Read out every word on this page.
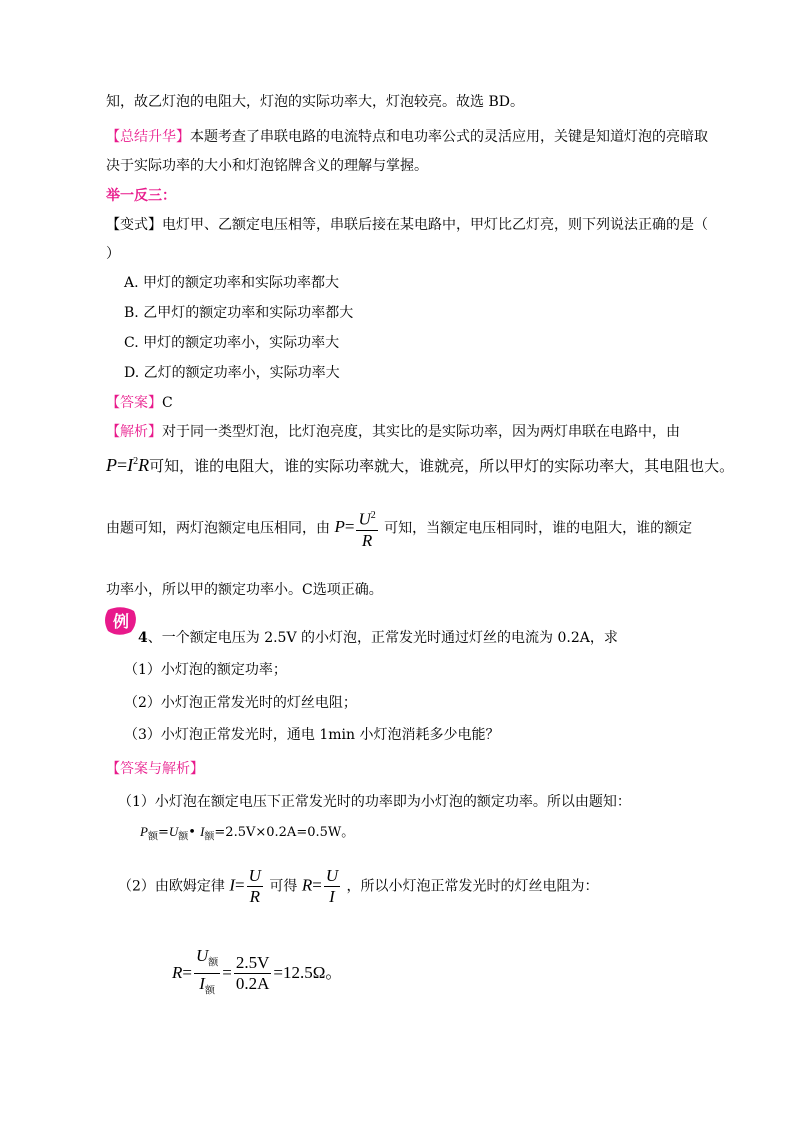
知，故乙灯泡的电阻大，灯泡的实际功率大，灯泡较亮。故选 BD。
【总结升华】本题考查了串联电路的电流特点和电功率公式的灵活应用，关键是知道灯泡的亮暗取
决于实际功率的大小和灯泡铭牌含义的理解与掌握。
举一反三：
【变式】电灯甲、乙额定电压相等，串联后接在某电路中，甲灯比乙灯亮，则下列说法正确的是（
）
A. 甲灯的额定功率和实际功率都大
B. 乙甲灯的额定功率和实际功率都大
C. 甲灯的额定功率小，实际功率大
D. 乙灯的额定功率小，实际功率大
【答案】C
【解析】对于同一类型灯泡，比灯泡亮度，其实比的是实际功率，因为两灯串联在电路中，由
$P=I^2R$可知，谁的电阻大，谁的实际功率就大，谁就亮，所以甲灯的实际功率大，其电阻也大。
由题可知，两灯泡额定电压相同，由 $P= \frac{U^2}{R}$ 可知，当额定电压相同时，谁的电阻大，谁的额定
功率小，所以甲的额定功率小。C选项正确。
例
4、一个额定电压为 2.5V 的小灯泡，正常发光时通过灯丝的电流为 0.2A，求
（1）小灯泡的额定功率；
（2）小灯泡正常发光时的灯丝电阻；
（3）小灯泡正常发光时，通电 1min 小灯泡消耗多少电能？
【答案与解析】
（1）小灯泡在额定电压下正常发光时的功率即为小灯泡的额定功率。所以由题知：
$P_额=U_额•$ $I_额=2.5V\times 0.2A=0.5W$。
（2）由欧姆定律 $I= \frac{U}{R}$ 可得 $R= \frac{U}{I}$ ，所以小灯泡正常发光时的灯丝电阻为：
$R= \frac{U_额}{I_额} = \frac{2.5V}{0.2A} =12.5\Omega$。
